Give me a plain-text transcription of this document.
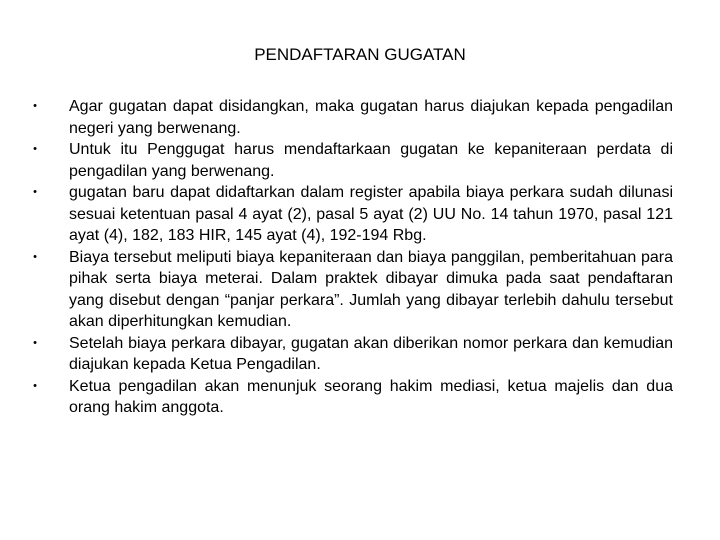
PENDAFTARAN GUGATAN
• Agar gugatan dapat disidangkan, maka gugatan harus diajukan kepada pengadilan negeri yang berwenang.
• Untuk itu Penggugat harus mendaftarkaan gugatan ke kepaniteraan perdata di pengadilan yang berwenang.
• gugatan baru dapat didaftarkan dalam register apabila biaya perkara sudah dilunasi sesuai ketentuan pasal 4 ayat (2), pasal 5 ayat (2) UU No. 14 tahun 1970, pasal 121 ayat (4), 182, 183 HIR, 145 ayat (4), 192-194 Rbg.
• Biaya tersebut meliputi biaya kepaniteraan dan biaya panggilan, pemberitahuan para pihak serta biaya meterai. Dalam praktek dibayar dimuka pada saat pendaftaran yang disebut dengan “panjar perkara”. Jumlah yang dibayar terlebih dahulu tersebut akan diperhitungkan kemudian.
• Setelah biaya perkara dibayar, gugatan akan diberikan nomor perkara dan kemudian diajukan kepada Ketua Pengadilan.
• Ketua pengadilan akan menunjuk seorang hakim mediasi, ketua majelis dan dua orang hakim anggota.
